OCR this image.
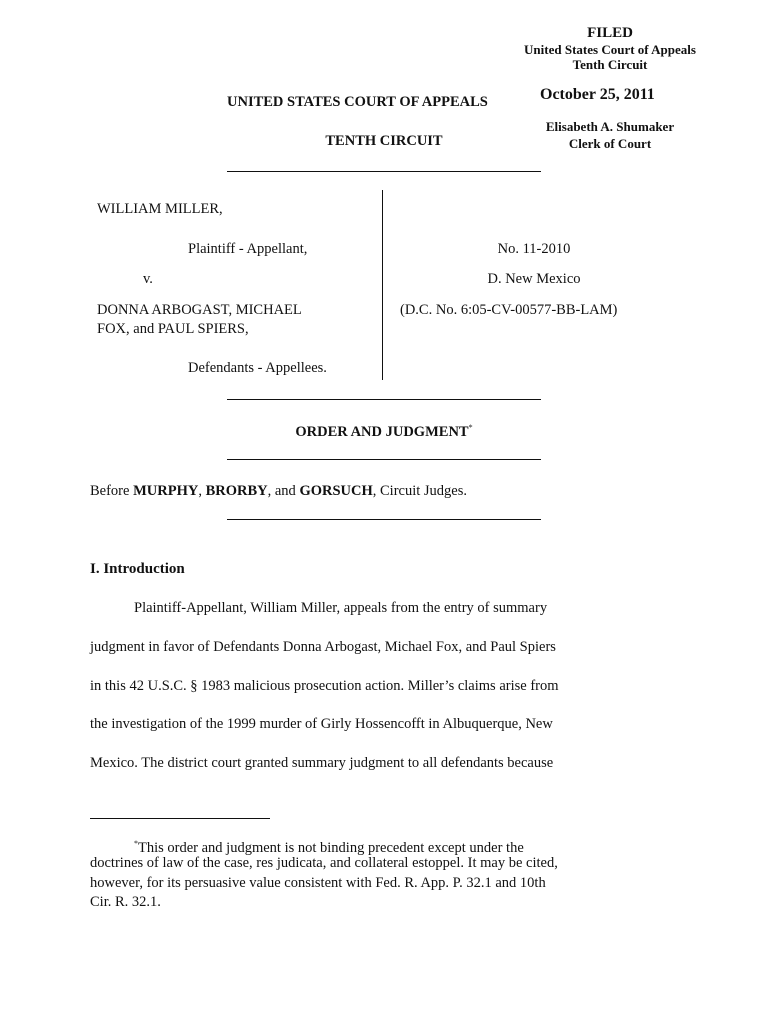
FILED
United States Court of Appeals
Tenth Circuit
October 25, 2011
Elisabeth A. Shumaker
Clerk of Court
UNITED STATES COURT OF APPEALS
TENTH CIRCUIT
WILLIAM MILLER,
Plaintiff - Appellant,
v.
DONNA ARBOGAST, MICHAEL
FOX, and PAUL SPIERS,
Defendants - Appellees.
No. 11-2010
D. New Mexico
(D.C. No. 6:05-CV-00577-BB-LAM)
ORDER AND JUDGMENT*
Before MURPHY, BRORBY, and GORSUCH, Circuit Judges.
I. Introduction
Plaintiff-Appellant, William Miller, appeals from the entry of summary
judgment in favor of Defendants Donna Arbogast, Michael Fox, and Paul Spiers
in this 42 U.S.C. § 1983 malicious prosecution action. Miller’s claims arise from
the investigation of the 1999 murder of Girly Hossencofft in Albuquerque, New
Mexico. The district court granted summary judgment to all defendants because
*This order and judgment is not binding precedent except under the
doctrines of law of the case, res judicata, and collateral estoppel. It may be cited,
however, for its persuasive value consistent with Fed. R. App. P. 32.1 and 10th
Cir. R. 32.1.
